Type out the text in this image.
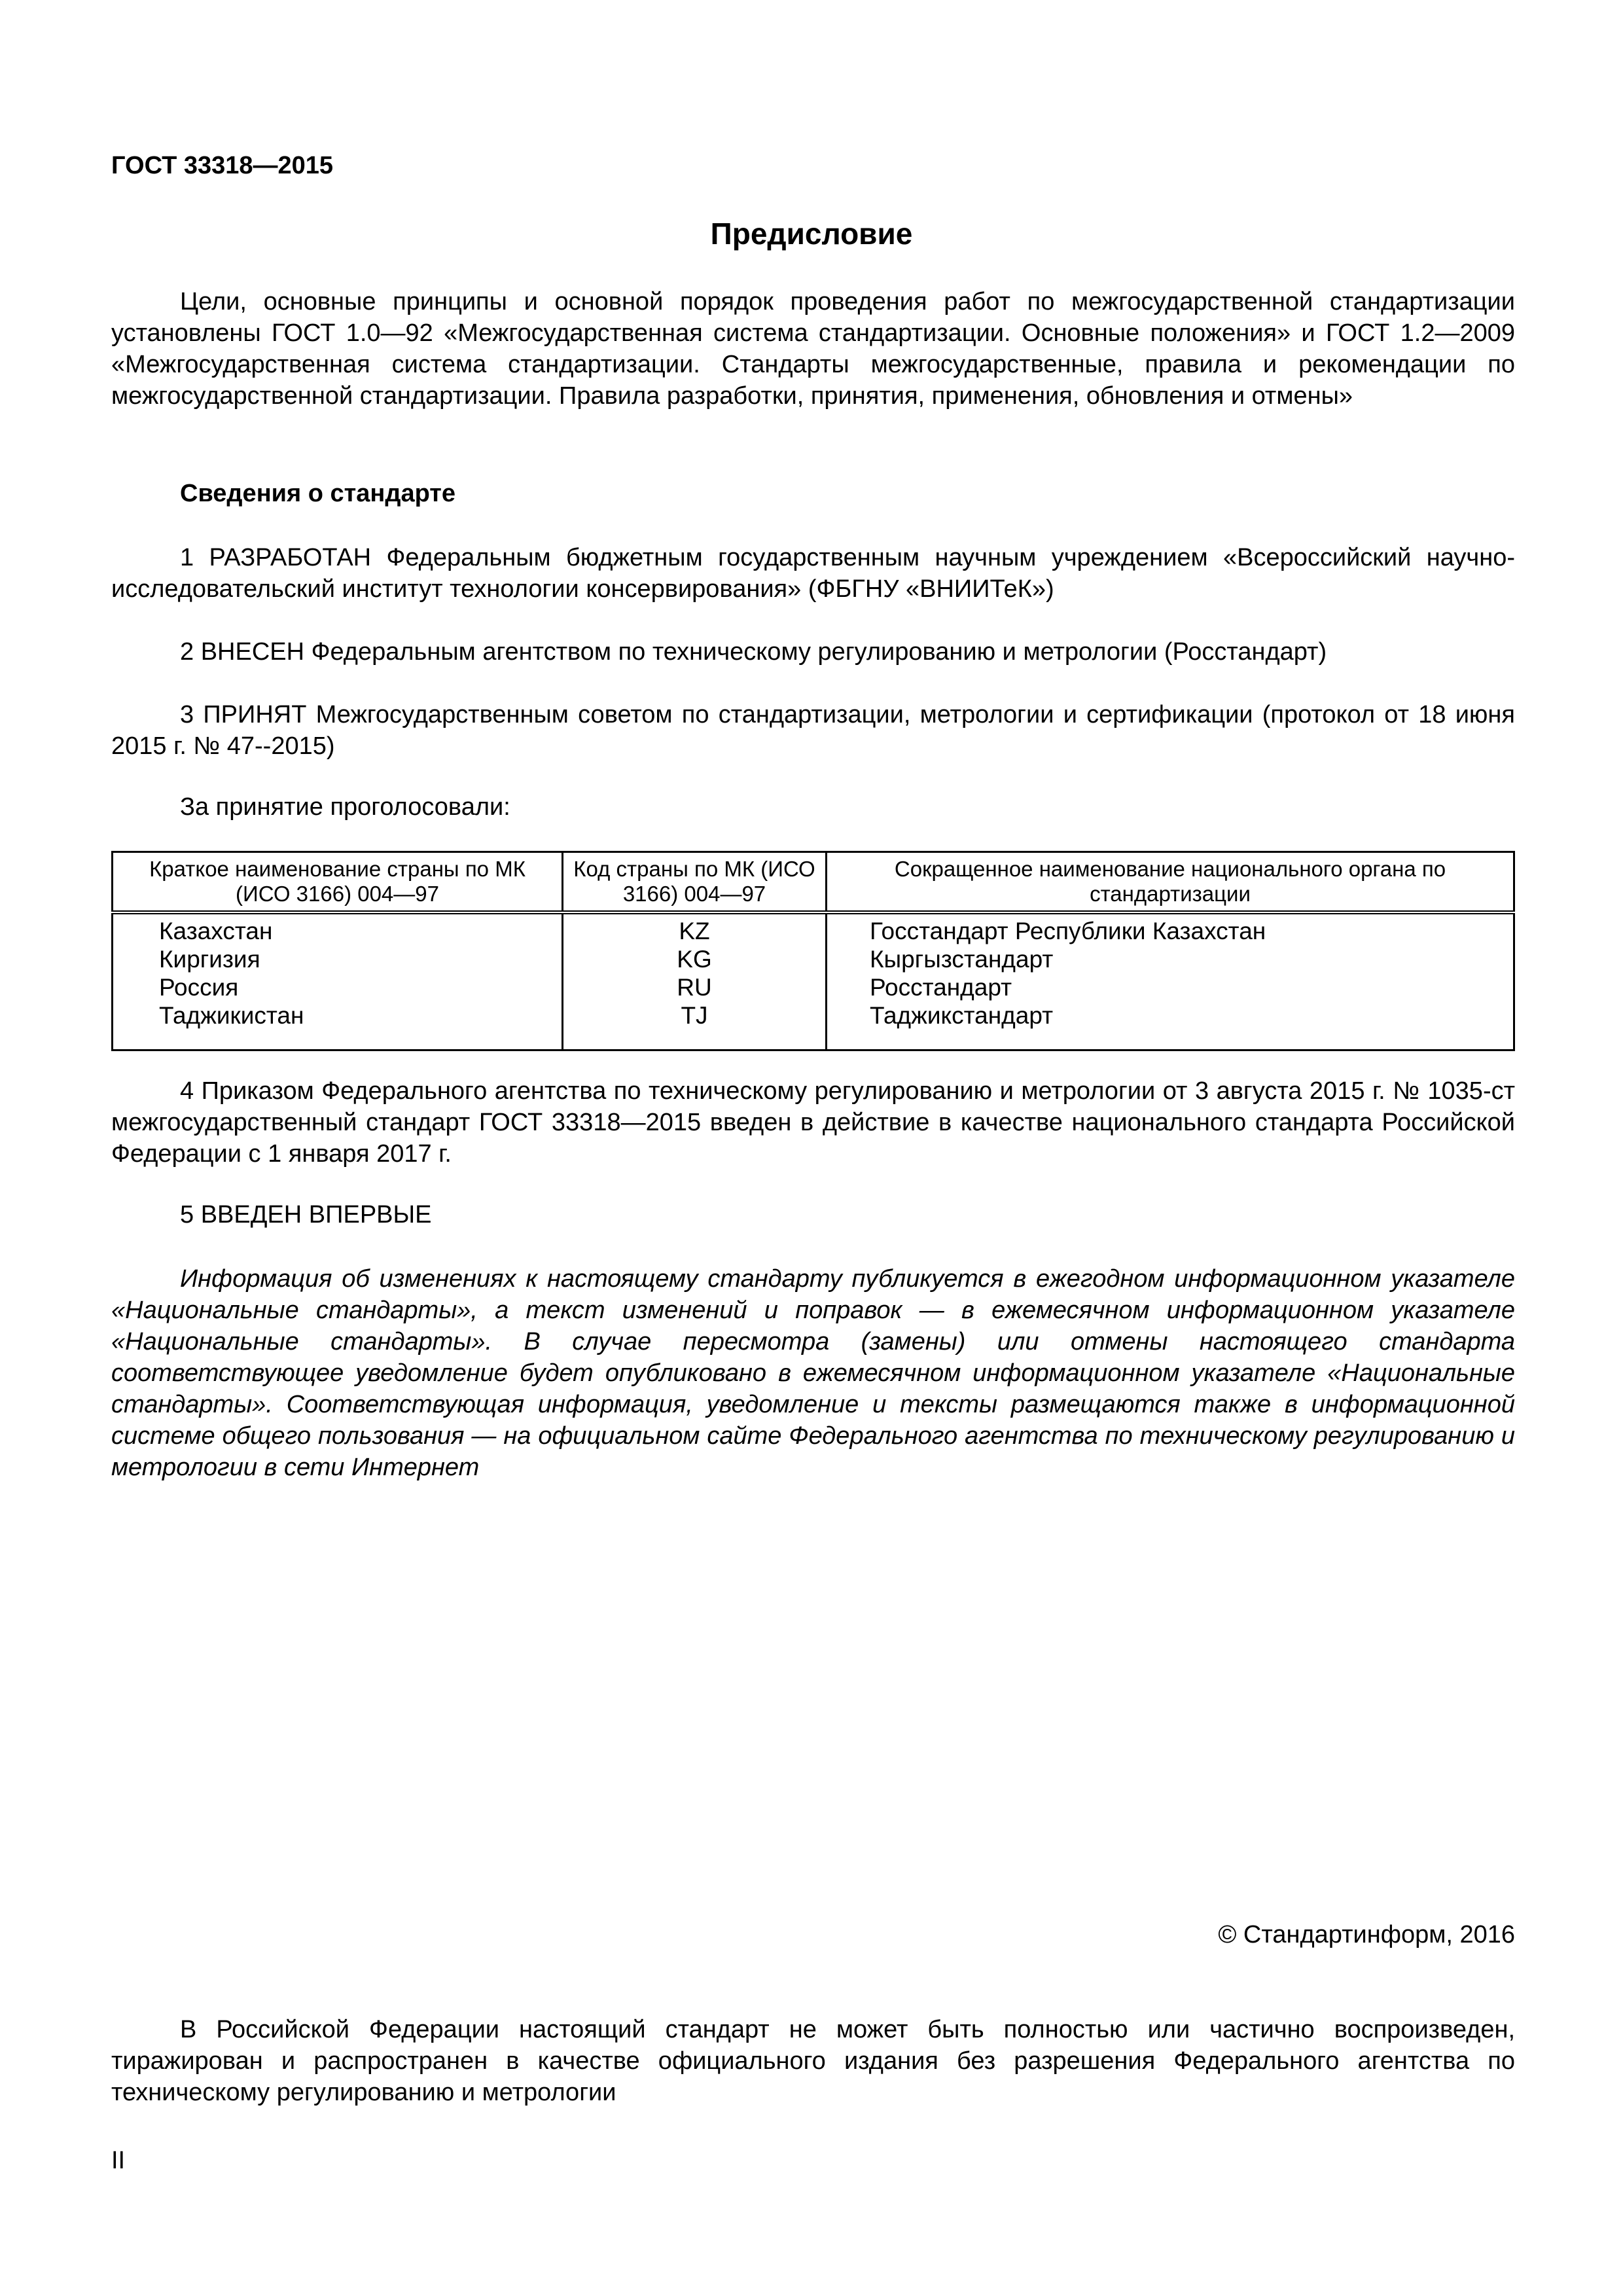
ГОСТ 33318—2015
Предисловие

Цели, основные принципы и основной порядок проведения работ по межгосударственной стандартизации установлены ГОСТ 1.0—92 «Межгосударственная система стандартизации. Основные положения» и ГОСТ 1.2—2009 «Межгосударственная система стандартизации. Стандарты межгосударственные, правила и рекомендации по межгосударственной стандартизации. Правила разработки, принятия, применения, обновления и отмены»

Сведения о стандарте

1 РАЗРАБОТАН Федеральным бюджетным государственным научным учреждением «Всероссийский научно-исследовательский институт технологии консервирования» (ФБГНУ «ВНИИТеК»)

2 ВНЕСЕН Федеральным агентством по техническому регулированию и метрологии (Росстандарт)

3 ПРИНЯТ Межгосударственным советом по стандартизации, метрологии и сертификации (протокол от 18 июня 2015 г. № 47--2015)

За принятие проголосовали:
Краткое наименование страны по МК (ИСО 3166) 004—97	Код страны по МК (ИСО 3166) 004—97	Сокращенное наименование национального органа по стандартизации
Казахстан	KZ	Госстандарт Республики Казахстан
Киргизия	KG	Кыргызстандарт
Россия	RU	Росстандарт
Таджикистан	TJ	Таджикстандарт

4 Приказом Федерального агентства по техническому регулированию и метрологии от 3 августа 2015 г. № 1035-ст межгосударственный стандарт ГОСТ 33318—2015 введен в действие в качестве национального стандарта Российской Федерации с 1 января 2017 г.

5 ВВЕДЕН ВПЕРВЫЕ

Информация об изменениях к настоящему стандарту публикуется в ежегодном информационном указателе «Национальные стандарты», а текст изменений и поправок — в ежемесячном информационном указателе «Национальные стандарты». В случае пересмотра (замены) или отмены настоящего стандарта соответствующее уведомление будет опубликовано в ежемесячном информационном указателе «Национальные стандарты». Соответствующая информация, уведомление и тексты размещаются также в информационной системе общего пользования — на официальном сайте Федерального агентства по техническому регулированию и метрологии в сети Интернет

© Стандартинформ, 2016

В Российской Федерации настоящий стандарт не может быть полностью или частично воспроизведен, тиражирован и распространен в качестве официального издания без разрешения Федерального агентства по техническому регулированию и метрологии

II
